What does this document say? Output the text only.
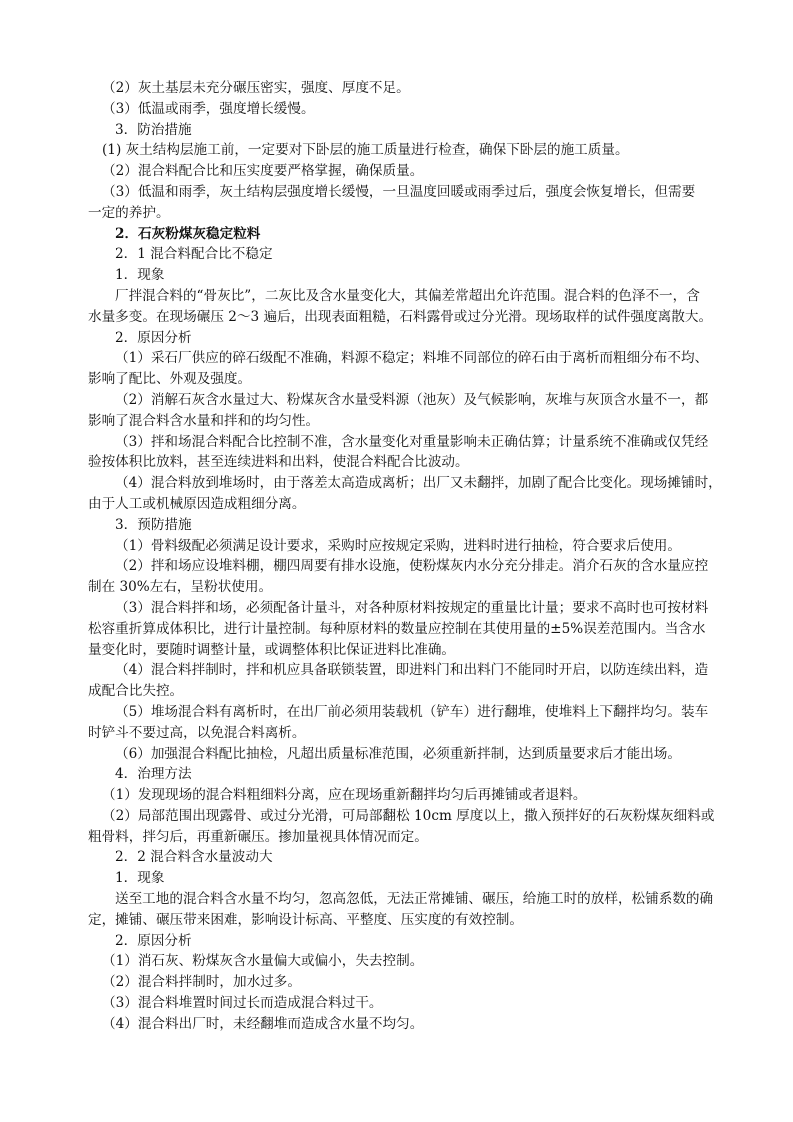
（2）灰土基层未充分碾压密实，强度、厚度不足。
（3）低温或雨季，强度增长缓慢。
3．防治措施
(1) 灰土结构层施工前，一定要对下卧层的施工质量进行检查，确保下卧层的施工质量。
（2）混合料配合比和压实度要严格掌握，确保质量。
（3）低温和雨季，灰土结构层强度增长缓慢，一旦温度回暖或雨季过后，强度会恢复增长，但需要
一定的养护。
2．石灰粉煤灰稳定粒料
2．1 混合料配合比不稳定
1．现象
厂拌混合料的“骨灰比”，二灰比及含水量变化大，其偏差常超出允许范围。混合料的色泽不一，含
水量多变。在现场碾压 2～3 遍后，出现表面粗糙，石料露骨或过分光滑。现场取样的试件强度离散大。
2．原因分析
（1）采石厂供应的碎石级配不准确，料源不稳定；料堆不同部位的碎石由于离析而粗细分布不均、
影响了配比、外观及强度。
（2）消解石灰含水量过大、粉煤灰含水量受料源（池灰）及气候影响，灰堆与灰顶含水量不一，都
影响了混合料含水量和拌和的均匀性。
（3）拌和场混合料配合比控制不准，含水量变化对重量影响未正确估算；计量系统不准确或仅凭经
验按体积比放料，甚至连续进料和出料，使混合料配合比波动。
（4）混合料放到堆场时，由于落差太高造成离析；出厂又未翻拌，加剧了配合比变化。现场摊铺时，
由于人工或机械原因造成粗细分离。
3．预防措施
（1）骨料级配必须满足设计要求，采购时应按规定采购，进料时进行抽检，符合要求后使用。
（2）拌和场应设堆料棚，棚四周要有排水设施，使粉煤灰内水分充分排走。消介石灰的含水量应控
制在 30%左右，呈粉状使用。
（3）混合料拌和场，必须配备计量斗，对各种原材料按规定的重量比计量；要求不高时也可按材料
松容重折算成体积比，进行计量控制。每种原材料的数量应控制在其使用量的±5%误差范围内。当含水
量变化时，要随时调整计量，或调整体积比保证进料比准确。
（4）混合料拌制时，拌和机应具备联锁装置，即进料门和出料门不能同时开启，以防连续出料，造
成配合比失控。
（5）堆场混合料有离析时，在出厂前必须用装载机（铲车）进行翻堆，使堆料上下翻拌均匀。装车
时铲斗不要过高，以免混合料离析。
（6）加强混合料配比抽检，凡超出质量标准范围，必须重新拌制，达到质量要求后才能出场。
4．治理方法
（1）发现现场的混合料粗细料分离，应在现场重新翻拌均匀后再摊铺或者退料。
（2）局部范围出现露骨、或过分光滑，可局部翻松 10cm 厚度以上，撒入预拌好的石灰粉煤灰细料或
粗骨料，拌匀后，再重新碾压。掺加量视具体情况而定。
2．2 混合料含水量波动大
1．现象
送至工地的混合料含水量不均匀，忽高忽低，无法正常摊铺、碾压，给施工时的放样，松铺系数的确
定，摊铺、碾压带来困难，影响设计标高、平整度、压实度的有效控制。
2．原因分析
（1）消石灰、粉煤灰含水量偏大或偏小，失去控制。
（2）混合料拌制时，加水过多。
（3）混合料堆置时间过长而造成混合料过干。
（4）混合料出厂时，未经翻堆而造成含水量不均匀。
